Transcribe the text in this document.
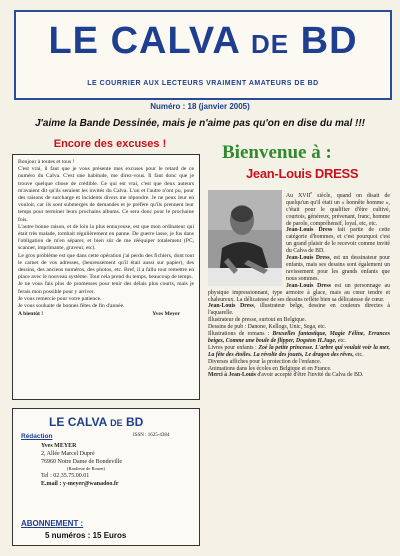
LE CALVA DE BD
LE COURRIER AUX LECTEURS VRAIMENT AMATEURS DE BD
Numéro : 18 (janvier 2005)
J'aime la Bande Dessinée, mais je n'aime pas qu'on en dise du mal !!!
Encore des excuses !

Bonjour à toutes et tous !

C'est vrai, il faut que je vous présente mes excuses pour le retard de ce numéro du Calva. C'est une habitude, me direz-vous. Il faut donc que je trouve quelque chose de crédible. Ce qui est vrai, c'est que deux auteurs m'avaient dit qu'ils seraient les invités du Calva. L'un et l'autre n'ont pu, pour des raisons de surcharge et incidents divers me répondre. Je ne peux leur en vouloir, car ils sont submergés de demandes et je préfère qu'ils prennent leur temps pour terminer leurs prochains albums. Ce sera donc pour le prochaine fois.

L'autre bonne raison, et de loin la plus ennuyeuse, est que mon ordinateur qui était très malade, tombait régulièrement en panne. De guerre lasse, je fus dans l'obligation de m'en séparer, et bien sûr de me rééquiper totalement (PC, scanner, imprimante, graveur, etc).

Le gros problème est que dans cette opération j'ai perdu des fichiers, dont tout le carnet de vos adresses, (heureusement qu'il était aussi sur papier), des dessins, des anciens numéros, des photos, etc. Bref, il a fallu tout remettre en place avec le nouveau système. Tout cela prend du temps, beaucoup de temps.

Je ne vous fais plus de promesses pour tenir des délais plus courts, mais je ferais mon possible pour y arriver.

Je vous remercie pour votre patience.

Je vous souhaite de bonnes fêtes de fin d'année.

A bientôt !	Yves Meyer
LE CALVA DE BD
Rédaction	ISSN : 1625-4384
Yves MEYER
2, Allée Marcel Dupré
76960 Notre Dame de Bondeville
(Banlieue de Rouen)
Tel : 02.35.75.00.01
E.mail : y-meyer@wanadoo.fr
ABONNEMENT :
5 numéros : 15 Euros
Bienvenue à :
Jean-Louis DRESS

Au XVIIe siècle, quand on disait de quelqu'un qu'il était un « honnête homme », c'était pour le qualifier d'être cultivé, courtois, généreux, prévenant, franc, homme de parole, compréhensif, loyal, etc, etc.

Jean-Louis Dress fait partie de cette catégorie d'hommes, et c'est pourquoi c'est un grand plaisir de le recevoir comme invité du Calva de BD.

Jean-Louis Dress, est un dessinateur pour enfants, mais ses dessins sont également un ravissement pour les grands enfants que nous sommes.

Jean-Louis Dress est un personnage au physique impressionnant, type armoire à glace, mais au cœur tendre et chaleureux. La délicatesse de ses dessins reflète bien sa délicatesse de cœur.

Jean-Louis Dress, illustrateur belge, dessine en couleurs directes à l'aquarelle.

Illustrateur de presse, surtout en Belgique.

Dessins de pub : Danone, Kellogs, Unic, Sega, etc.

Illustrations de romans : Bruxelles fantastique, Magie Féline, Errances beiges, Comme une boule de flipper, Dogston H.Juge, etc.

Livres pour enfants : Zoé la petite princesse. L'arbre qui voulait voir la mer, La fête des étoiles. La révolte des jouets, Le dragon des rêves, etc.

Diverses affiches pour la protection de l'enfance.

Animations dans les écoles en Belgique et en France.

Merci à Jean-Louis d'avoir accepté d'être l'invité du Calva de BD.
